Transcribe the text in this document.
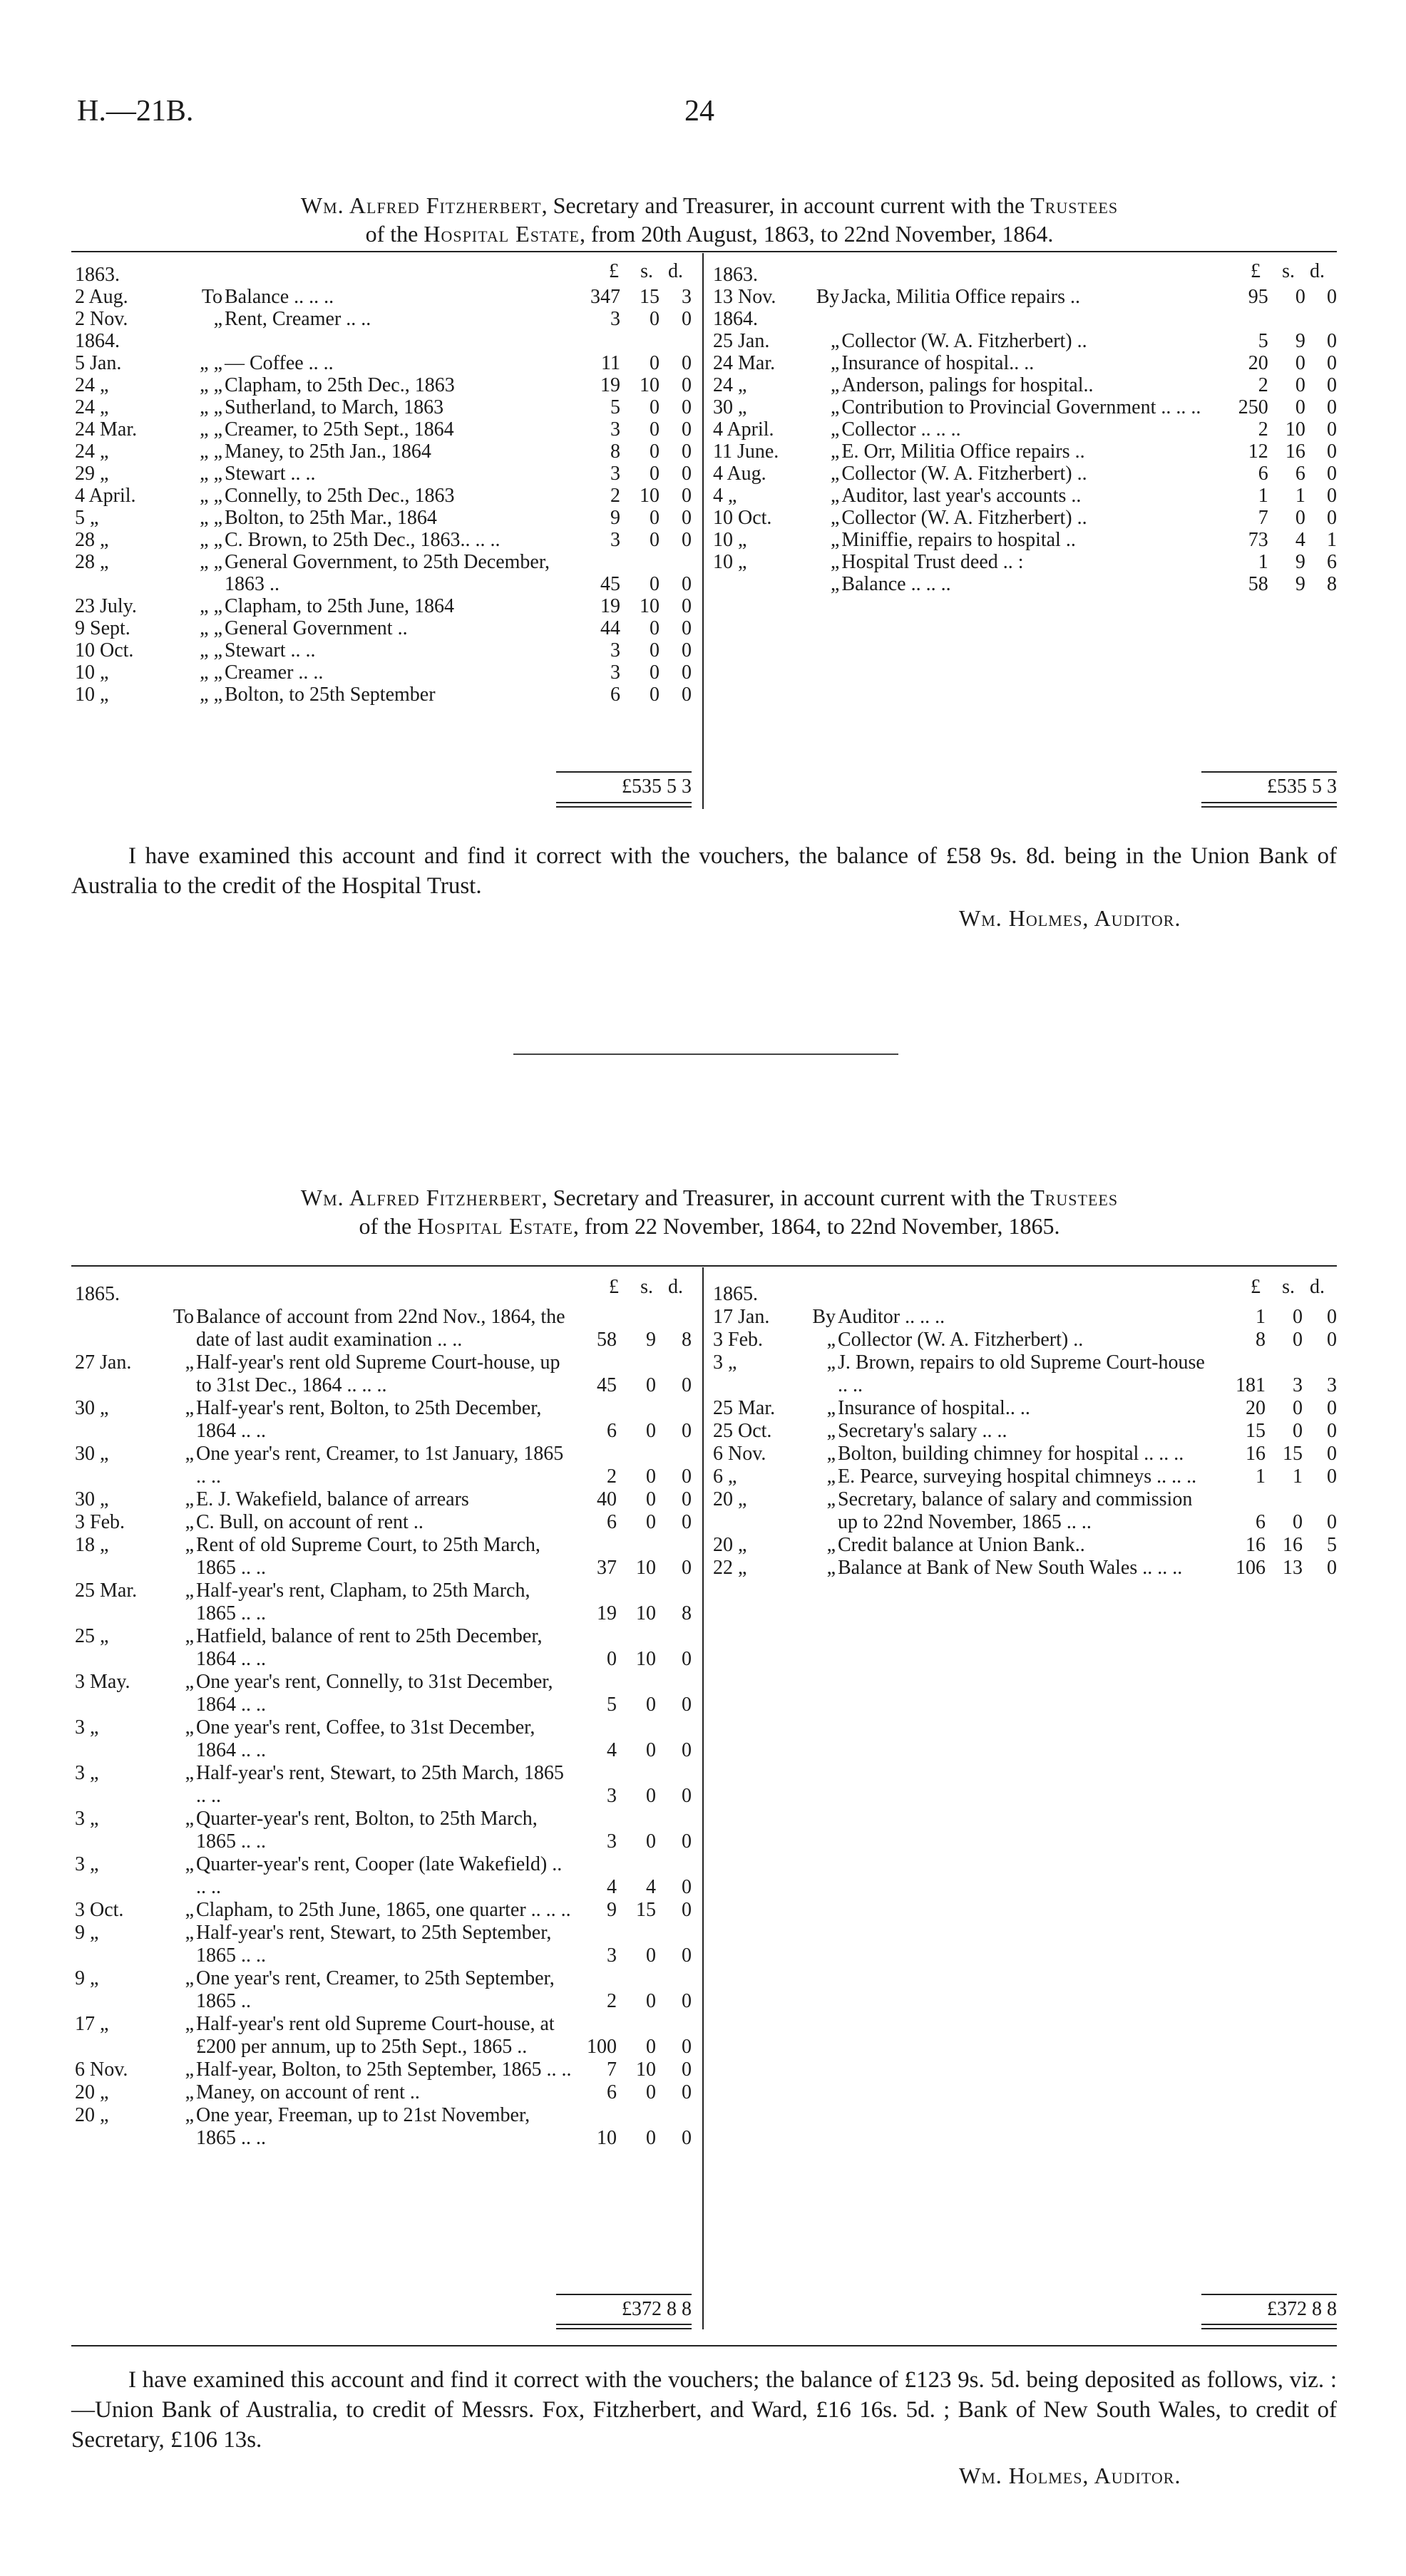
H.—21B.	24
Wm. Alfred Fitzherbert, Secretary and Treasurer, in account current with the Trustees
of the Hospital Estate, from 20th August, 1863, to 22nd November, 1864.
£	s.	d.	£	s.	d.
1863.					
2 Aug.	To	Balance .. .. ..	347	15	3
2 Nov.	„	Rent, Creamer .. ..	3	0	0
1864.					
5 Jan.	„ „	— Coffee .. ..	11	0	0
24 „	„ „	Clapham, to 25th Dec., 1863	19	10	0
24 „	„ „	Sutherland, to March, 1863	5	0	0
24 Mar.	„ „	Creamer, to 25th Sept., 1864	3	0	0
24 „	„ „	Maney, to 25th Jan., 1864	8	0	0
29 „	„ „	Stewart .. ..	3	0	0
4 April.	„ „	Connelly, to 25th Dec., 1863	2	10	0
5 „	„ „	Bolton, to 25th Mar., 1864	9	0	0
28 „	„ „	C. Brown, to 25th Dec., 1863.. .. ..	3	0	0
28 „	„ „	General Government, to 25th December, 1863 ..	45	0	0
23 July.	„ „	Clapham, to 25th June, 1864	19	10	0
9 Sept.	„ „	General Government ..	44	0	0
10 Oct.	„ „	Stewart .. ..	3	0	0
10 „	„ „	Creamer .. ..	3	0	0
10 „	„ „	Bolton, to 25th September	6	0	0
1863.					
13 Nov.	By	Jacka, Militia Office repairs ..	95	0	0
1864.					
25 Jan.	„	Collector (W. A. Fitzherbert) ..	5	9	0
24 Mar.	„	Insurance of hospital.. ..	20	0	0
24 „	„	Anderson, palings for hospital..	2	0	0
30 „	„	Contribution to Provincial Government .. .. ..	250	0	0
4 April.	„	Collector .. .. ..	2	10	0
11 June.	„	E. Orr, Militia Office repairs ..	12	16	0
4 Aug.	„	Collector (W. A. Fitzherbert) ..	6	6	0
4 „	„	Auditor, last year's accounts ..	1	1	0
10 Oct.	„	Collector (W. A. Fitzherbert) ..	7	0	0
10 „	„	Miniffie, repairs to hospital ..	73	4	1
10 „	„	Hospital Trust deed .. :	1	9	6
	„	Balance .. .. ..	58	9	8
£535 5 3	£535 5 3
I have examined this account and find it correct with the vouchers, the balance of £58 9s. 8d. being in the Union Bank of Australia to the credit of the Hospital Trust.
Wm. Holmes, Auditor.
Wm. Alfred Fitzherbert, Secretary and Treasurer, in account current with the Trustees
of the Hospital Estate, from 22 November, 1864, to 22nd November, 1865.
£	s.	d.	£	s.	d.
1865.					
	To	Balance of account from 22nd Nov., 1864, the date of last audit examination .. ..	58	9	8
27 Jan.	„	Half-year's rent old Supreme Court-house, up to 31st Dec., 1864 .. .. ..	45	0	0
30 „	„	Half-year's rent, Bolton, to 25th December, 1864 .. ..	6	0	0
30 „	„	One year's rent, Creamer, to 1st January, 1865 .. ..	2	0	0
30 „	„	E. J. Wakefield, balance of arrears	40	0	0
3 Feb.	„	C. Bull, on account of rent ..	6	0	0
18 „	„	Rent of old Supreme Court, to 25th March, 1865 .. ..	37	10	0
25 Mar.	„	Half-year's rent, Clapham, to 25th March, 1865 .. ..	19	10	8
25 „	„	Hatfield, balance of rent to 25th December, 1864 .. ..	0	10	0
3 May.	„	One year's rent, Connelly, to 31st December, 1864 .. ..	5	0	0
3 „	„	One year's rent, Coffee, to 31st December, 1864 .. ..	4	0	0
3 „	„	Half-year's rent, Stewart, to 25th March, 1865 .. ..	3	0	0
3 „	„	Quarter-year's rent, Bolton, to 25th March, 1865 .. ..	3	0	0
3 „	„	Quarter-year's rent, Cooper (late Wakefield) .. .. ..	4	4	0
3 Oct.	„	Clapham, to 25th June, 1865, one quarter .. .. ..	9	15	0
9 „	„	Half-year's rent, Stewart, to 25th September, 1865 .. ..	3	0	0
9 „	„	One year's rent, Creamer, to 25th September, 1865 ..	2	0	0
17 „	„	Half-year's rent old Supreme Court-house, at £200 per annum, up to 25th Sept., 1865 ..	100	0	0
6 Nov.	„	Half-year, Bolton, to 25th September, 1865 .. ..	7	10	0
20 „	„	Maney, on account of rent ..	6	0	0
20 „	„	One year, Freeman, up to 21st November, 1865 .. ..	10	0	0
1865.					
17 Jan.	By	Auditor .. .. ..	1	0	0
3 Feb.	„	Collector (W. A. Fitzherbert) ..	8	0	0
3 „	„	J. Brown, repairs to old Supreme Court-house .. ..	181	3	3
25 Mar.	„	Insurance of hospital.. ..	20	0	0
25 Oct.	„	Secretary's salary .. ..	15	0	0
6 Nov.	„	Bolton, building chimney for hospital .. .. ..	16	15	0
6 „	„	E. Pearce, surveying hospital chimneys .. .. ..	1	1	0
20 „	„	Secretary, balance of salary and commission up to 22nd November, 1865 .. ..	6	0	0
20 „	„	Credit balance at Union Bank..	16	16	5
22 „	„	Balance at Bank of New South Wales .. .. ..	106	13	0
£372 8 8	£372 8 8
I have examined this account and find it correct with the vouchers; the balance of £123 9s. 5d. being deposited as follows, viz. :—Union Bank of Australia, to credit of Messrs. Fox, Fitzherbert, and Ward, £16 16s. 5d. ; Bank of New South Wales, to credit of Secretary, £106 13s.
Wm. Holmes, Auditor.
